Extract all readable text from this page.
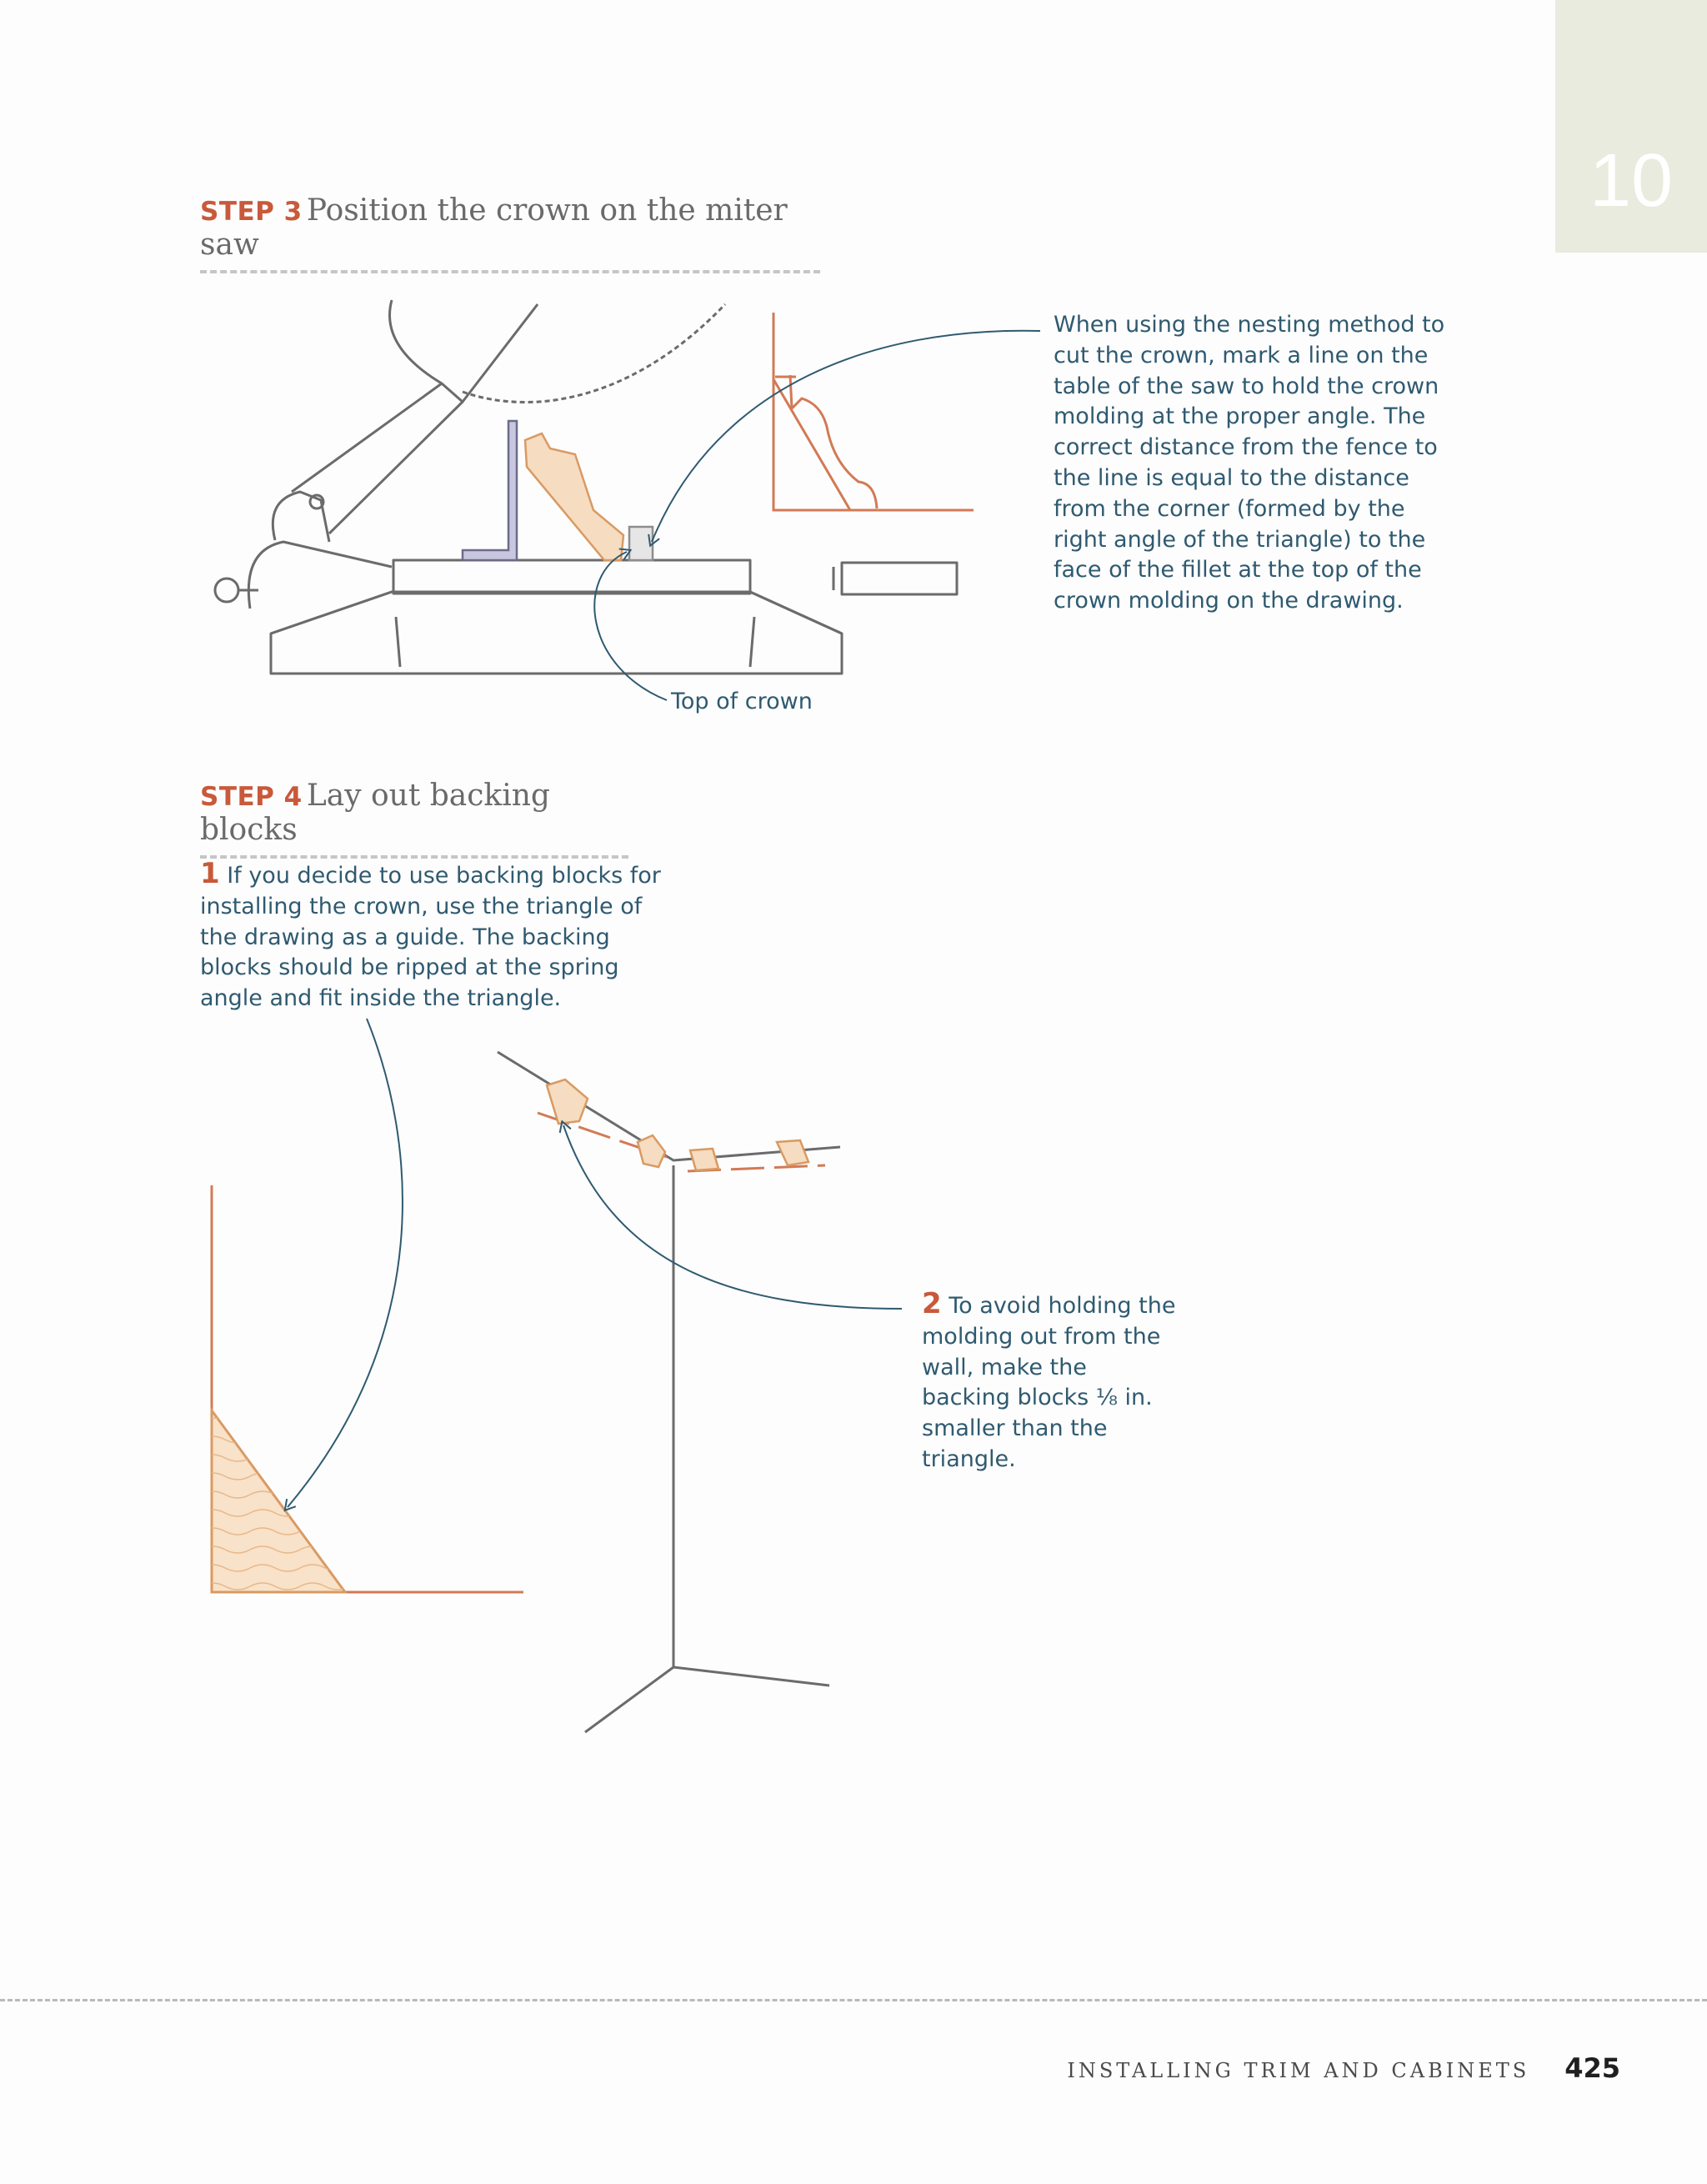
10
STEP 3 Position the crown on the miter saw
When using the nesting method to cut the crown, mark a line on the table of the saw to hold the crown molding at the proper angle. The correct distance from the fence to the line is equal to the distance from the corner (formed by the right angle of the triangle) to the face of the fillet at the top of the crown molding on the drawing.
Top of crown
STEP 4 Lay out backing blocks
1 If you decide to use backing blocks for installing the crown, use the triangle of the drawing as a guide. The backing blocks should be ripped at the spring angle and fit inside the triangle.
2 To avoid holding the molding out from the wall, make the backing blocks ⅛ in. smaller than the triangle.
INSTALLING TRIM AND CABINETS 425
